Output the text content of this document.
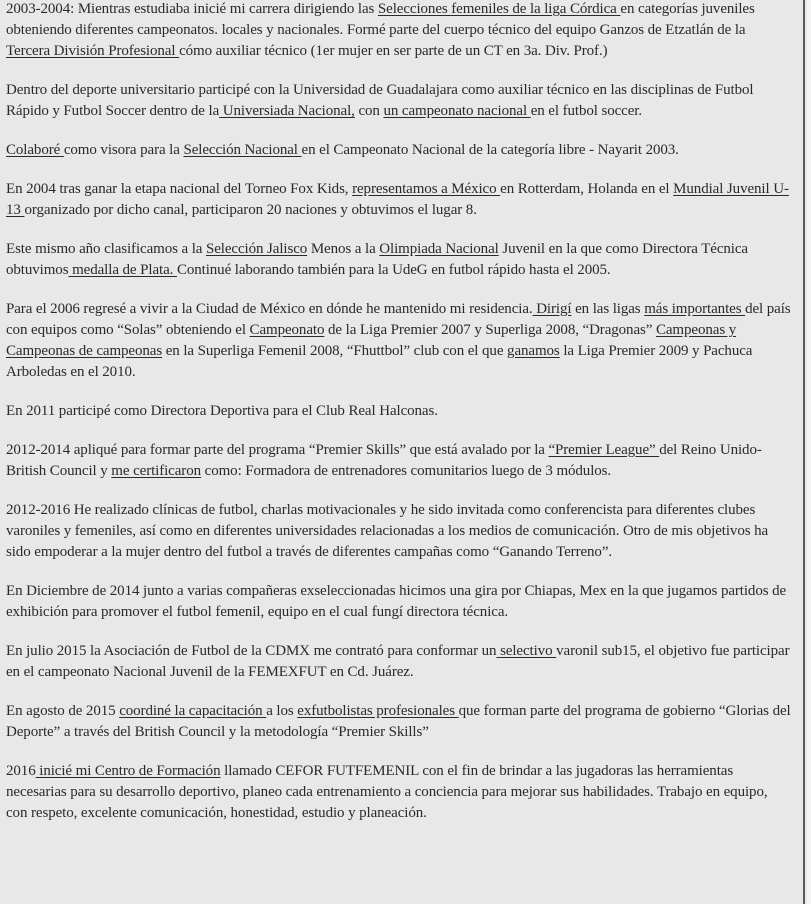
2003-2004: Mientras estudiaba inicié mi carrera dirigiendo las Selecciones femeniles de la liga Córdica en categorías juveniles obteniendo diferentes campeonatos. locales y nacionales. Formé parte del cuerpo técnico del equipo Ganzos de Etzatlán de la Tercera División Profesional cómo auxiliar técnico (1er mujer en ser parte de un CT en 3a. Div. Prof.)

Dentro del deporte universitario participé con la Universidad de Guadalajara como auxiliar técnico en las disciplinas de Futbol Rápido y Futbol Soccer dentro de la Universiada Nacional, con un campeonato nacional en el futbol soccer.

Colaboré como visora para la Selección Nacional en el Campeonato Nacional de la categoría libre - Nayarit 2003.

En 2004 tras ganar la etapa nacional del Torneo Fox Kids, representamos a México en Rotterdam, Holanda en el Mundial Juvenil U-13 organizado por dicho canal, participaron 20 naciones y obtuvimos el lugar 8.

Este mismo año clasificamos a la Selección Jalisco Menos a la Olimpiada Nacional Juvenil en la que como Directora Técnica obtuvimos medalla de Plata. Continué laborando también para la UdeG en futbol rápido hasta el 2005.

Para el 2006 regresé a vivir a la Ciudad de México en dónde he mantenido mi residencia. Dirigí en las ligas más importantes del país con equipos como “Solas” obteniendo el Campeonato de la Liga Premier 2007 y Superliga 2008, “Dragonas” Campeonas y Campeonas de campeonas en la Superliga Femenil 2008, “Fhuttbol” club con el que ganamos la Liga Premier 2009 y Pachuca Arboledas en el 2010.

En 2011 participé como Directora Deportiva para el Club Real Halconas.

2012-2014 apliqué para formar parte del programa “Premier Skills” que está avalado por la “Premier League” del Reino Unido-British Council y me certificaron como: Formadora de entrenadores comunitarios luego de 3 módulos.

2012-2016 He realizado clínicas de futbol, charlas motivacionales y he sido invitada como conferencista para diferentes clubes varoniles y femeniles, así como en diferentes universidades relacionadas a los medios de comunicación. Otro de mis objetivos ha sido empoderar a la mujer dentro del futbol a través de diferentes campañas como “Ganando Terreno”.

En Diciembre de 2014 junto a varias compañeras exseleccionadas hicimos una gira por Chiapas, Mex en la que jugamos partidos de exhibición para promover el futbol femenil, equipo en el cual fungí directora técnica.

En julio 2015 la Asociación de Futbol de la CDMX me contrató para conformar un selectivo varonil sub15, el objetivo fue participar en el campeonato Nacional Juvenil de la FEMEXFUT en Cd. Juárez.

En agosto de 2015 coordiné la capacitación a los exfutbolistas profesionales que forman parte del programa de gobierno “Glorias del Deporte” a través del British Council y la metodología “Premier Skills”

2016 inicié mi Centro de Formación llamado CEFOR FUTFEMENIL con el fin de brindar a las jugadoras las herramientas necesarias para su desarrollo deportivo, planeo cada entrenamiento a conciencia para mejorar sus habilidades. Trabajo en equipo, con respeto, excelente comunicación, honestidad, estudio y planeación.
